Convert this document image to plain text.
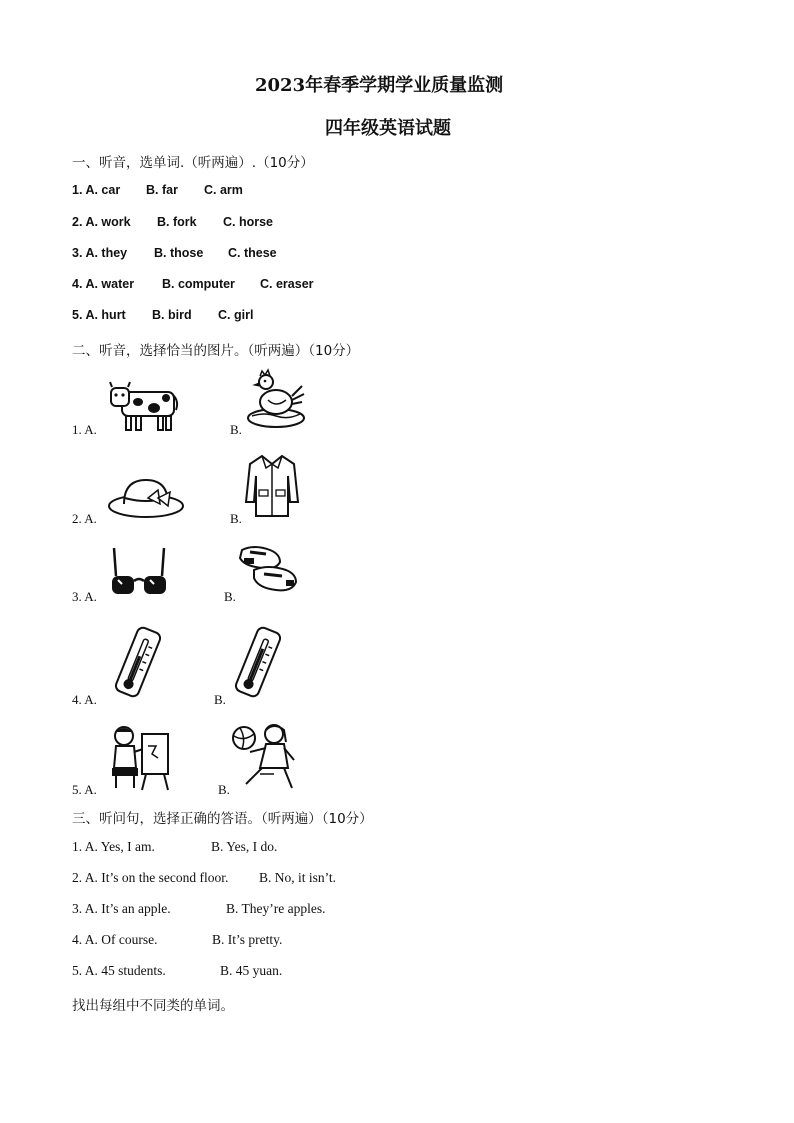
2023年春季学期学业质量监测
四年级英语试题
一、听音，选单词.（听两遍）.（10分）
1. A. car B. far C. arm
2. A. work B. fork C. horse
3. A. they B. those C. these
4. A. water B. computer C. eraser
5. A. hurt B. bird C. girl
二、听音，选择恰当的图片。（听两遍）（10分）
1. A.	B.
2. A.	B.
3. A.	B.
4. A.	B.
5. A.	B.
三、听问句，选择正确的答语。（听两遍）（10分）
1. A. Yes, I am.	B. Yes, I do.
2. A. It’s on the second floor. B. No, it isn’t.
3. A. It’s an apple.	B. They’re apples.
4. A. Of course.	B. It’s pretty.
5. A. 45 students.	B. 45 yuan.
找出每组中不同类的单词。
